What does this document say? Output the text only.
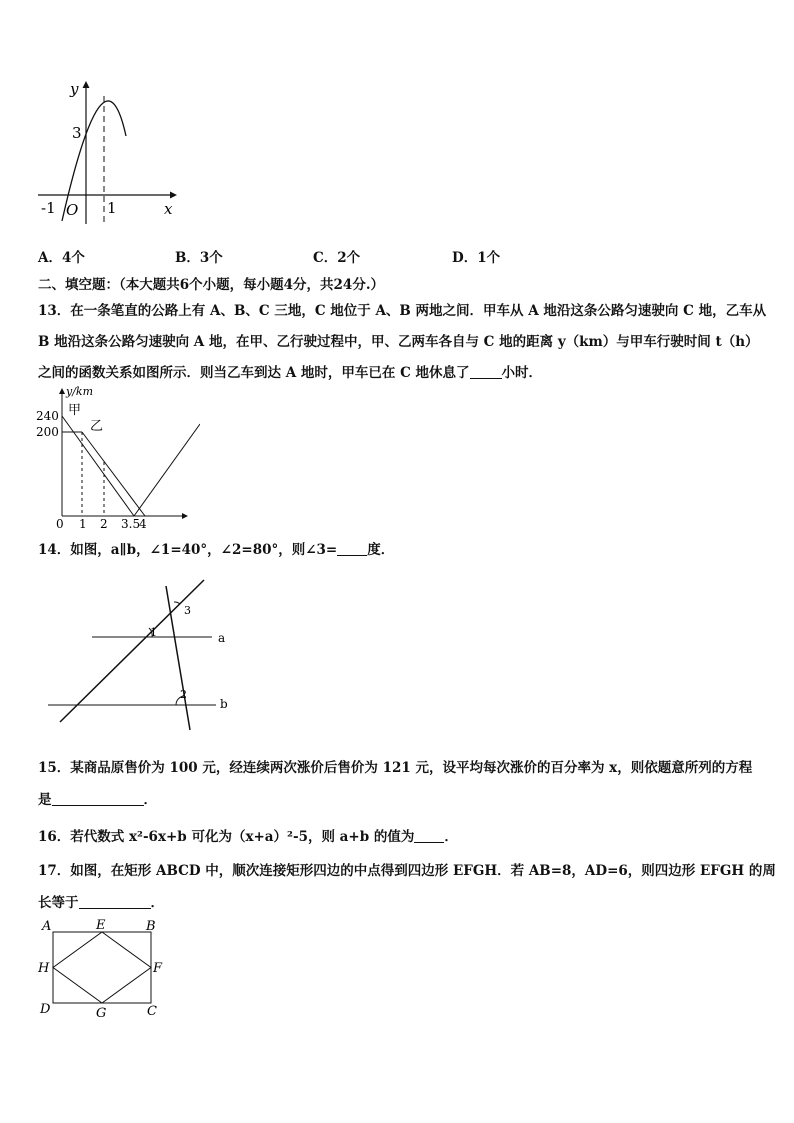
y
x
3
O
-1	1
A．4个	B．3个	C．2个	D．1个
二、填空题：（本大题共6个小题，每小题4分，共24分.）
13．在一条笔直的公路上有 A、B、C 三地，C 地位于 A、B 两地之间．甲车从 A 地沿这条公路匀速驶向 C 地，乙车从
B 地沿这条公路匀速驶向 A 地，在甲、乙行驶过程中，甲、乙两车各自与 C 地的距离 y（km）与甲车行驶时间 t（h）
之间的函数关系如图所示．则当乙车到达 A 地时，甲车已在 C 地休息了 小时．
y/km
甲
乙
240
200
0 1 2 3.5
4
14．如图，a∥b，∠1=40°，∠2=80°，则∠3= 度．
a
b
1
2
3
15．某商品原售价为 100 元，经连续两次涨价后售价为 121 元，设平均每次涨价的百分率为 x，则依题意所列的方程
是	．
16．若代数式 x²-6x+b 可化为（x+a）²-5，则 a+b 的值为 ．
17．如图，在矩形 ABCD 中，顺次连接矩形四边的中点得到四边形 EFGH．若 AB=8，AD=6，则四边形 EFGH 的周
长等于	．
A	E	B
H	F
D	G	C
